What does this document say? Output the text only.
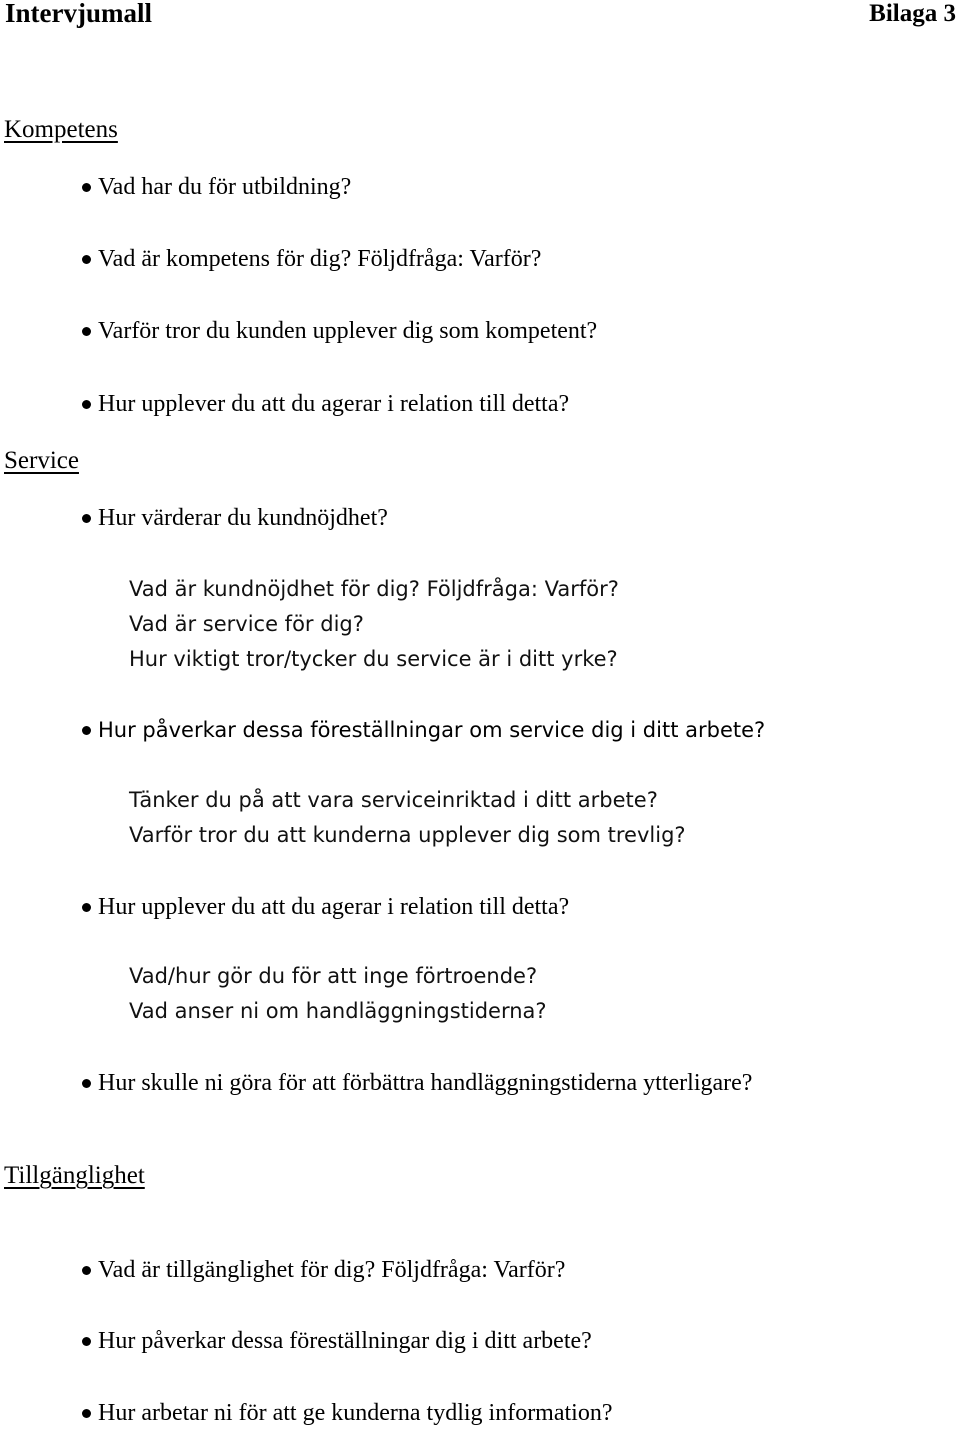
Intervjumall	Bilaga 3
Kompetens
Vad har du för utbildning?
Vad är kompetens för dig? Följdfråga: Varför?
Varför tror du kunden upplever dig som kompetent?
Hur upplever du att du agerar i relation till detta?
Service
Hur värderar du kundnöjdhet?
Vad är kundnöjdhet för dig? Följdfråga: Varför?
Vad är service för dig?
Hur viktigt tror/tycker du service är i ditt yrke?
Hur påverkar dessa föreställningar om service dig i ditt arbete?
Tänker du på att vara serviceinriktad i ditt arbete?
Varför tror du att kunderna upplever dig som trevlig?
Hur upplever du att du agerar i relation till detta?
Vad/hur gör du för att inge förtroende?
Vad anser ni om handläggningstiderna?
Hur skulle ni göra för att förbättra handläggningstiderna ytterligare?
Tillgänglighet
Vad är tillgänglighet för dig? Följdfråga: Varför?
Hur påverkar dessa föreställningar dig i ditt arbete?
Hur arbetar ni för att ge kunderna tydlig information?
